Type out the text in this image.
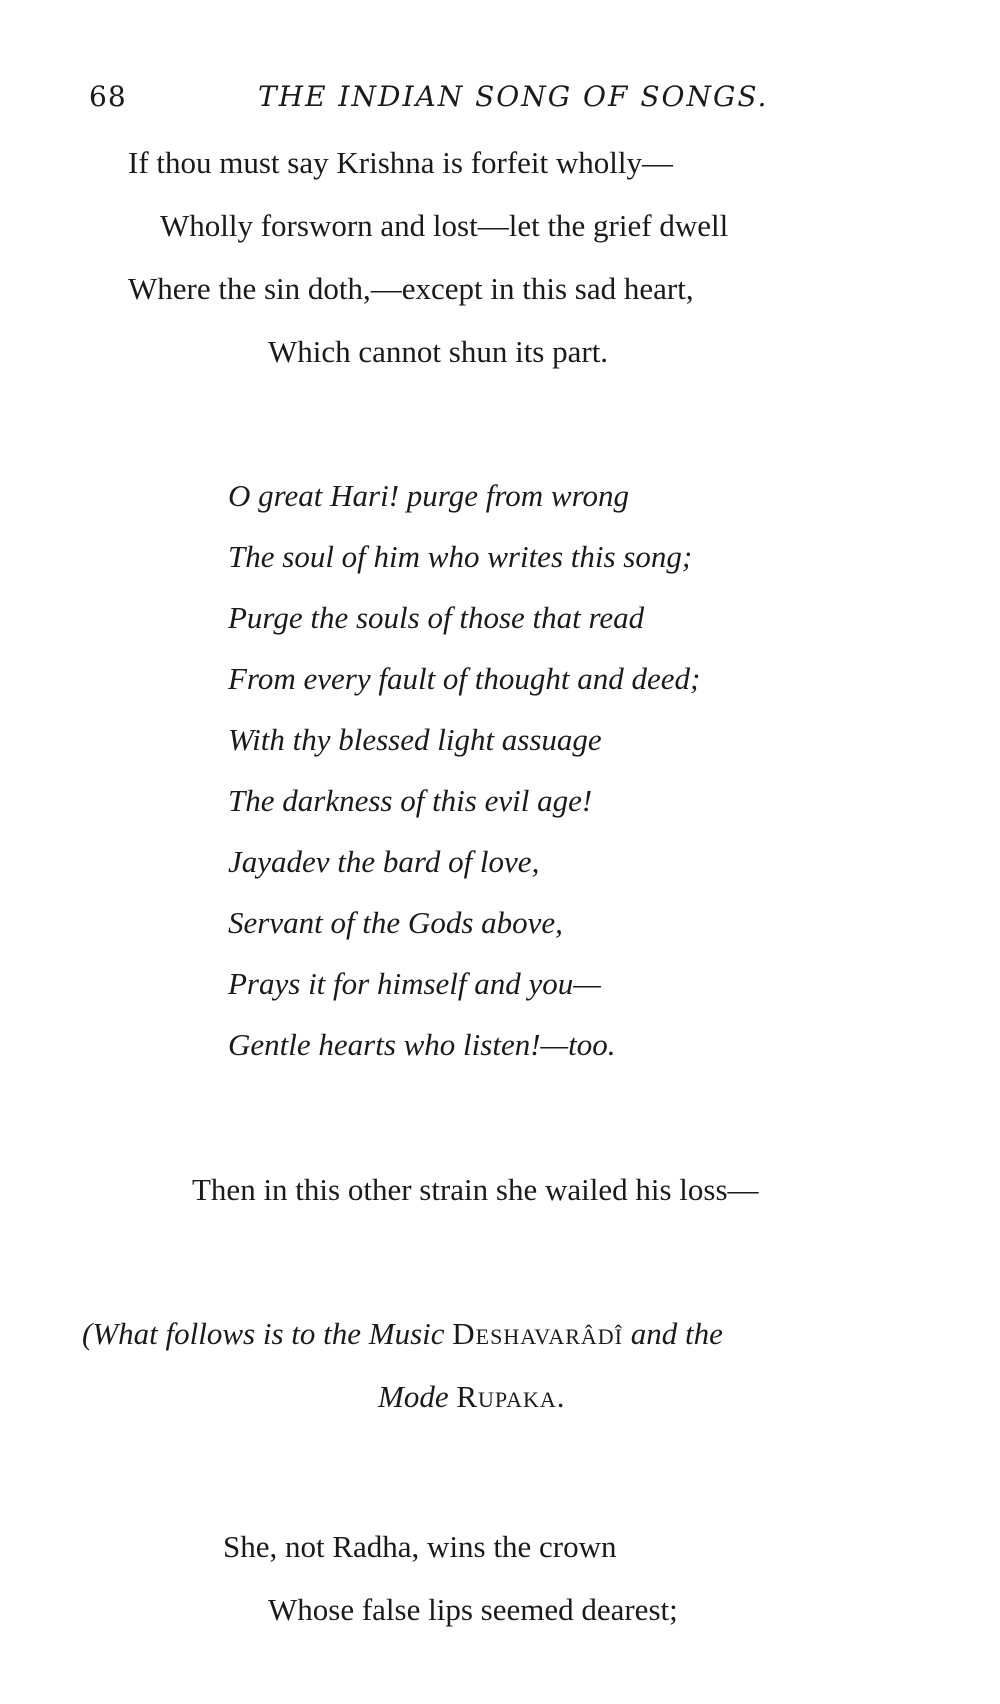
68	THE INDIAN SONG OF SONGS.
If thou must say Krishna is forfeit wholly—
Wholly forsworn and lost—let the grief dwell
Where the sin doth,—except in this sad heart,
Which cannot shun its part.
O great Hari! purge from wrong
The soul of him who writes this song;
Purge the souls of those that read
From every fault of thought and deed;
With thy blessed light assuage
The darkness of this evil age!
Jayadev the bard of love,
Servant of the Gods above,
Prays it for himself and you—
Gentle hearts who listen!—too.
Then in this other strain she wailed his loss—
(What follows is to the Music Deshavarâdî and the
Mode Rupaka.
She, not Radha, wins the crown
Whose false lips seemed dearest;
